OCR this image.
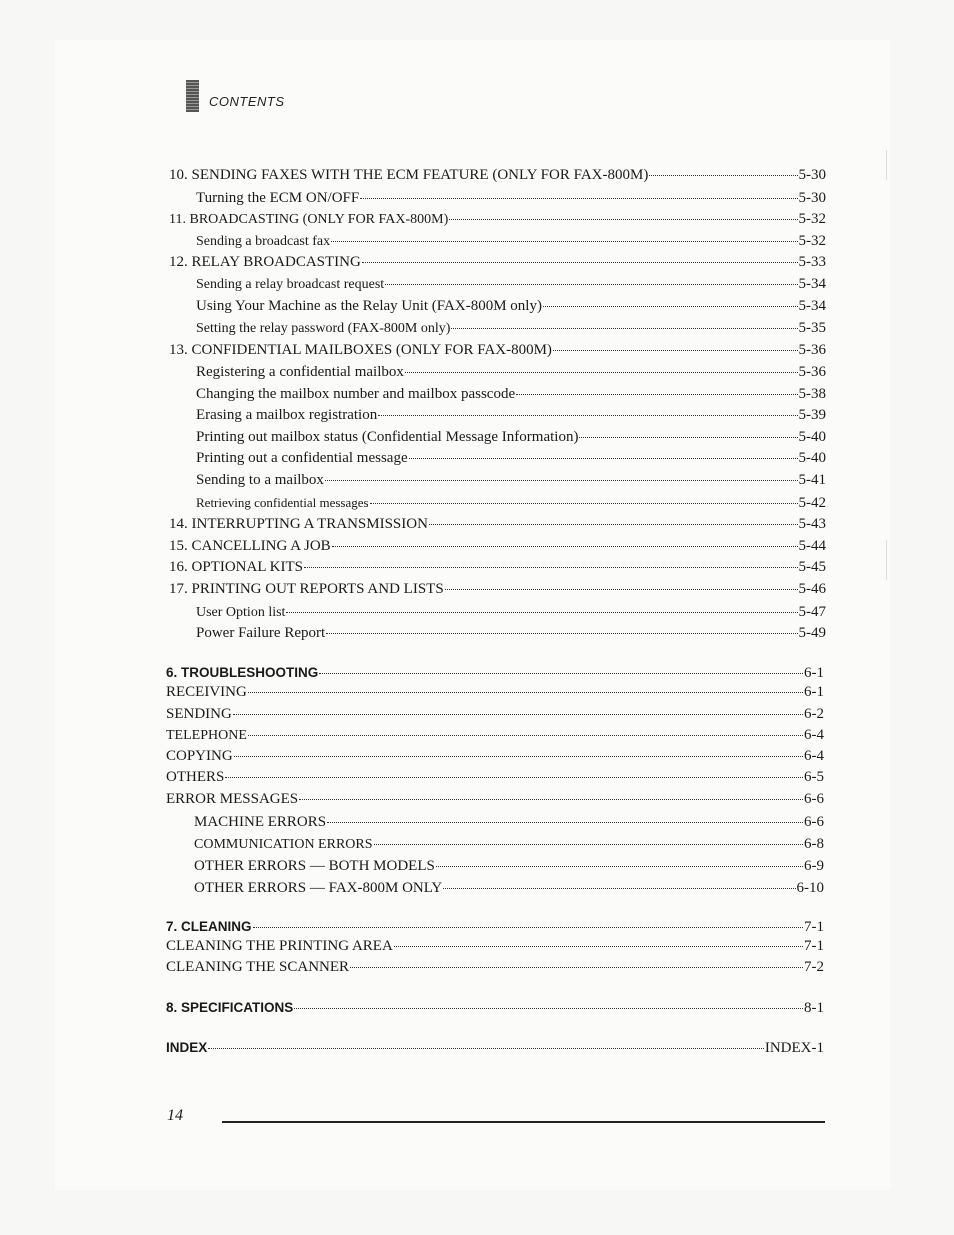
CONTENTS
10. SENDING FAXES WITH THE ECM FEATURE (ONLY FOR FAX-800M)	5-30
Turning the ECM ON/OFF	5-30
11. BROADCASTING (ONLY FOR FAX-800M)	5-32
Sending a broadcast fax	5-32
12. RELAY BROADCASTING	5-33
Sending a relay broadcast request	5-34
Using Your Machine as the Relay Unit (FAX-800M only)	5-34
Setting the relay password (FAX-800M only)	5-35
13. CONFIDENTIAL MAILBOXES (ONLY FOR FAX-800M)	5-36
Registering a confidential mailbox	5-36
Changing the mailbox number and mailbox passcode	5-38
Erasing a mailbox registration	5-39
Printing out mailbox status (Confidential Message Information)	5-40
Printing out a confidential message	5-40
Sending to a mailbox	5-41
Retrieving confidential messages	5-42
14. INTERRUPTING A TRANSMISSION	5-43
15. CANCELLING A JOB	5-44
16. OPTIONAL KITS	5-45
17. PRINTING OUT REPORTS AND LISTS	5-46
User Option list	5-47
Power Failure Report	5-49
6. TROUBLESHOOTING	6-1
RECEIVING	6-1
SENDING	6-2
TELEPHONE	6-4
COPYING	6-4
OTHERS	6-5
ERROR MESSAGES	6-6
MACHINE ERRORS	6-6
COMMUNICATION ERRORS	6-8
OTHER ERRORS — BOTH MODELS	6-9
OTHER ERRORS — FAX-800M ONLY	6-10
7. CLEANING	7-1
CLEANING THE PRINTING AREA	7-1
CLEANING THE SCANNER	7-2
8. SPECIFICATIONS	8-1
INDEX	INDEX-1
14
